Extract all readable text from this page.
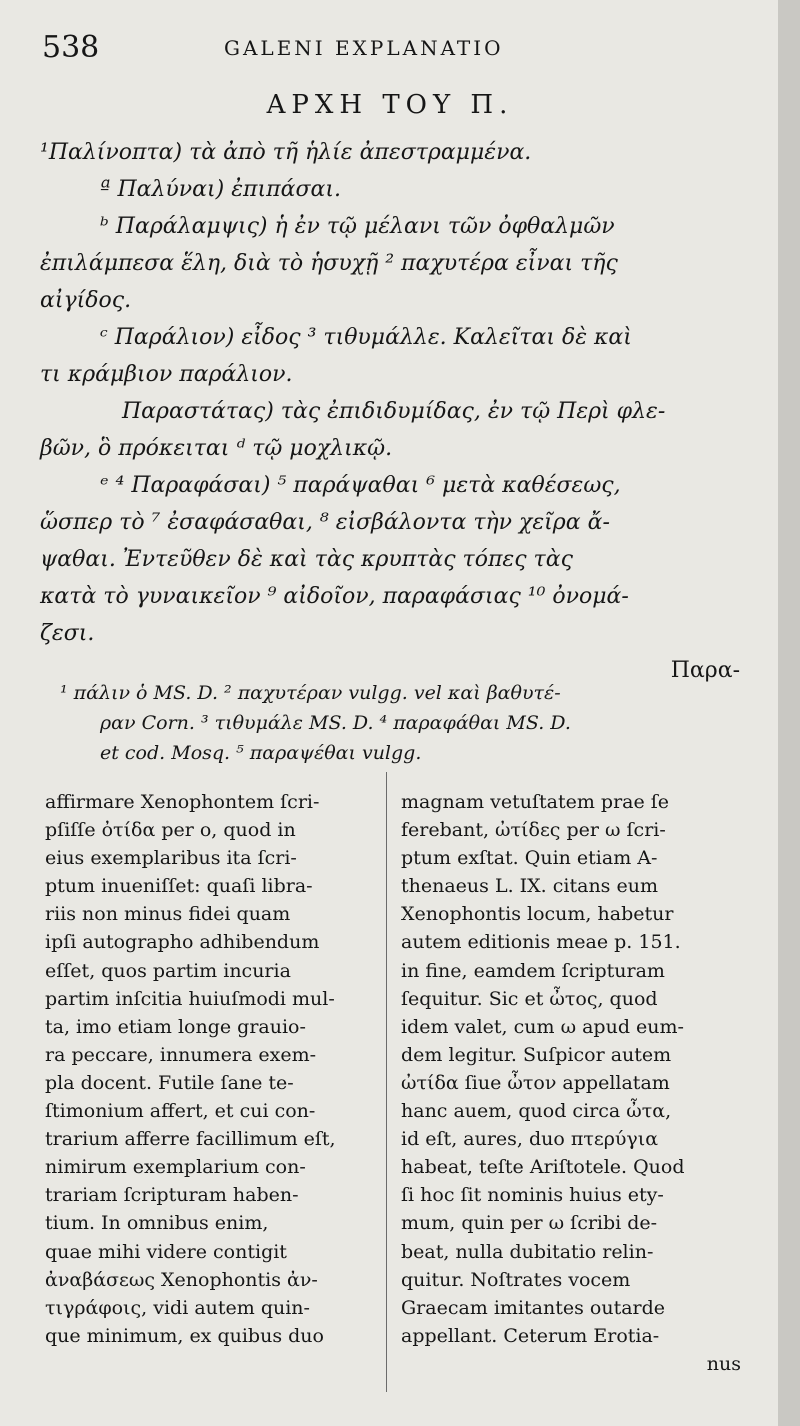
538	GALENI EXPLANATIO
ΑΡΧΗ ΤΟΥ Π.
¹Παλίνοπτα) τὰ ἀπὸ τῆ ἡλίε ἀπεστραμμένα.
ª Παλύναι) ἐπιπάσαι.
ᵇ Παράλαμψις) ἡ ἐν τῷ μέλανι τῶν ὀφθαλμῶν
ἐπιλάμπεσα ἕλη, διὰ τὸ ἡσυχῇ ² παχυτέρα εἶναι τῆς
αἰγίδος.
ᶜ Παράλιον) εἶδος ³ τιθυμάλλε. Καλεῖται δὲ καὶ
τι κράμβιον παράλιον.
Παραστάτας) τὰς ἐπιδιδυμίδας, ἐν τῷ Περὶ φλε-
βῶν, ὃ πρόκειται ᵈ τῷ μοχλικῷ.
ᵉ ⁴ Παραφάσαι) ⁵ παράψαθαι ⁶ μετὰ καθέσεως,
ὥσπερ τὸ ⁷ ἐσαφάσαθαι, ⁸ εἰσβάλοντα τὴν χεῖρα ἄ-
ψαθαι. Ἐντεῦθεν δὲ καὶ τὰς κρυπτὰς τόπες τὰς
κατὰ τὸ γυναικεῖον ⁹ αἰδοῖον, παραφάσιας ¹⁰ ὀνομά-
ζεσι.
Παρα-
¹ πάλιν ὁ MS. D. ² παχυτέραν vulgg. vel καὶ βαθυτέ-
ραν Corn. ³ τιθυμάλε MS. D. ⁴ παραφάθαι MS. D.
et cod. Mosq. ⁵ παραψέθαι vulgg.
affirmare Xenophontem ſcri-
pſiſſe ὀτίδα per ο, quod in
eius exemplaribus ita ſcri-
ptum inueniſſet: quaſi libra-
riis non minus fidei quam
ipſi autographo adhibendum
eſſet, quos partim incuria
partim inſcitia huiuſmodi mul-
ta, imo etiam longe grauio-
ra peccare, innumera exem-
pla docent. Futile ſane te-
ſtimonium affert, et cui con-
trarium afferre facillimum eſt,
nimirum exemplarium con-
trariam ſcripturam haben-
tium. In omnibus enim,
quae mihi videre contigit
ἀναβάσεως Xenophontis ἀν-
τιγράφοις, vidi autem quin-
que minimum, ex quibus duo
magnam vetuſtatem prae ſe
ferebant, ὠτίδες per ω ſcri-
ptum exſtat. Quin etiam A-
thenaeus L. IX. citans eum
Xenophontis locum, habetur
autem editionis meae p. 151.
in fine, eamdem ſcripturam
ſequitur. Sic et ὦτος, quod
idem valet, cum ω apud eum-
dem legitur. Suſpicor autem
ὠτίδα ſiue ὦτον appellatam
hanc auem, quod circa ὦτα,
id eſt, aures, duo πτερύγια
habeat, teſte Ariſtotele. Quod
ſi hoc ſit nominis huius ety-
mum, quin per ω ſcribi de-
beat, nulla dubitatio relin-
quitur. Noſtrates vocem
Graecam imitantes outarde
appellant. Ceterum Erotia-
nus
